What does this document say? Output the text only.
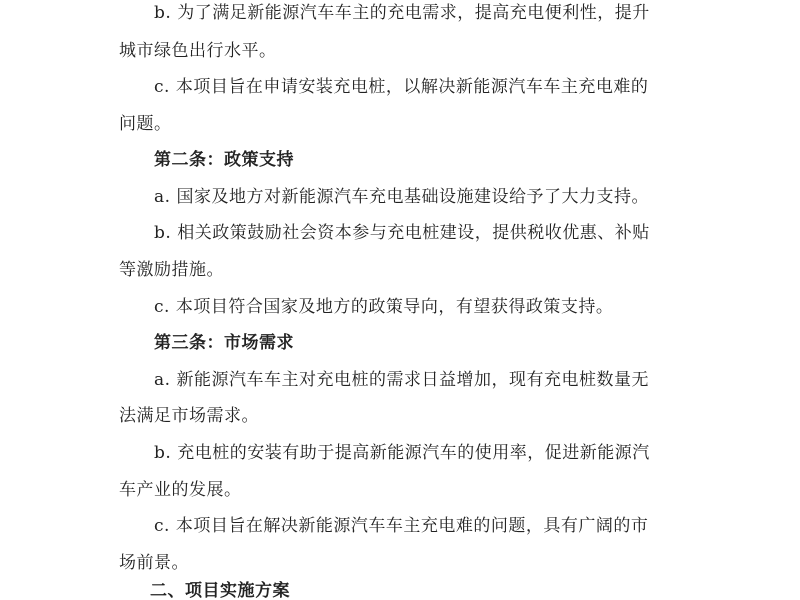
b. 为了满足新能源汽车车主的充电需求，提高充电便利性，提升
城市绿色出行水平。
c. 本项目旨在申请安装充电桩，以解决新能源汽车车主充电难的
问题。
第二条：政策支持
a. 国家及地方对新能源汽车充电基础设施建设给予了大力支持。
b. 相关政策鼓励社会资本参与充电桩建设，提供税收优惠、补贴
等激励措施。
c. 本项目符合国家及地方的政策导向，有望获得政策支持。
第三条：市场需求
a. 新能源汽车车主对充电桩的需求日益增加，现有充电桩数量无
法满足市场需求。
b. 充电桩的安装有助于提高新能源汽车的使用率，促进新能源汽
车产业的发展。
c. 本项目旨在解决新能源汽车车主充电难的问题，具有广阔的市
场前景。
二、项目实施方案
